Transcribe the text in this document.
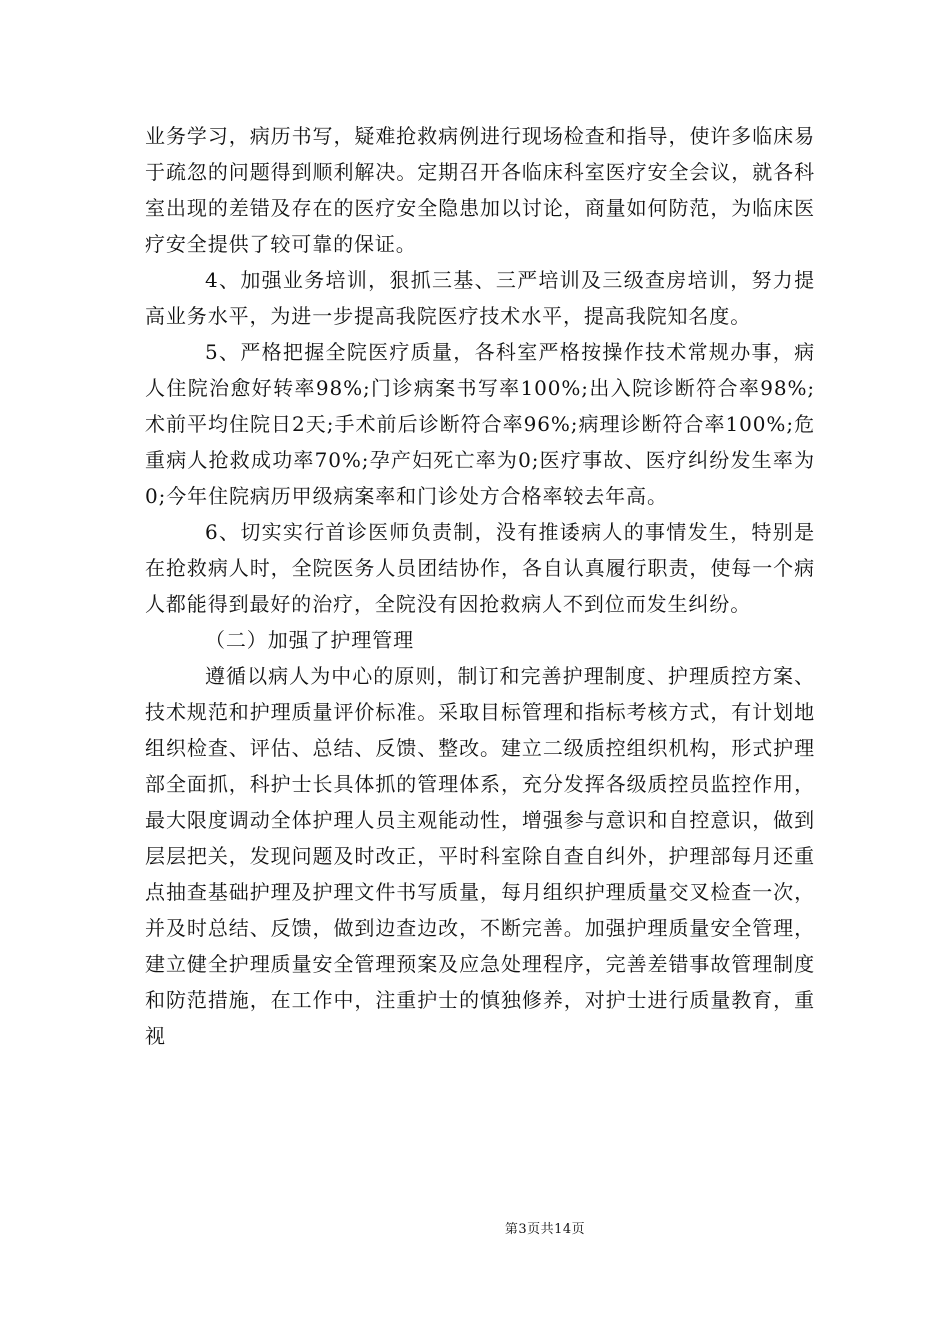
业务学习，病历书写，疑难抢救病例进行现场检查和指导，使许多临床易于疏忽的问题得到顺利解决。定期召开各临床科室医疗安全会议，就各科室出现的差错及存在的医疗安全隐患加以讨论，商量如何防范，为临床医疗安全提供了较可靠的保证。

4、加强业务培训，狠抓三基、三严培训及三级查房培训，努力提高业务水平，为进一步提高我院医疗技术水平，提高我院知名度。

5、严格把握全院医疗质量，各科室严格按操作技术常规办事，病人住院治愈好转率98%;门诊病案书写率100%;出入院诊断符合率98%;术前平均住院日2天;手术前后诊断符合率96%;病理诊断符合率100%;危重病人抢救成功率70%;孕产妇死亡率为0;医疗事故、医疗纠纷发生率为0;今年住院病历甲级病案率和门诊处方合格率较去年高。

6、切实实行首诊医师负责制，没有推诿病人的事情发生，特别是在抢救病人时，全院医务人员团结协作，各自认真履行职责，使每一个病人都能得到最好的治疗，全院没有因抢救病人不到位而发生纠纷。

（二）加强了护理管理

遵循以病人为中心的原则，制订和完善护理制度、护理质控方案、技术规范和护理质量评价标准。采取目标管理和指标考核方式，有计划地组织检查、评估、总结、反馈、整改。建立二级质控组织机构，形式护理部全面抓，科护士长具体抓的管理体系，充分发挥各级质控员监控作用，最大限度调动全体护理人员主观能动性，增强参与意识和自控意识，做到层层把关，发现问题及时改正，平时科室除自查自纠外，护理部每月还重点抽查基础护理及护理文件书写质量，每月组织护理质量交叉检查一次，并及时总结、反馈，做到边查边改，不断完善。加强护理质量安全管理，建立健全护理质量安全管理预案及应急处理程序，完善差错事故管理制度和防范措施，在工作中，注重护士的慎独修养，对护士进行质量教育，重视

第3页共14页
